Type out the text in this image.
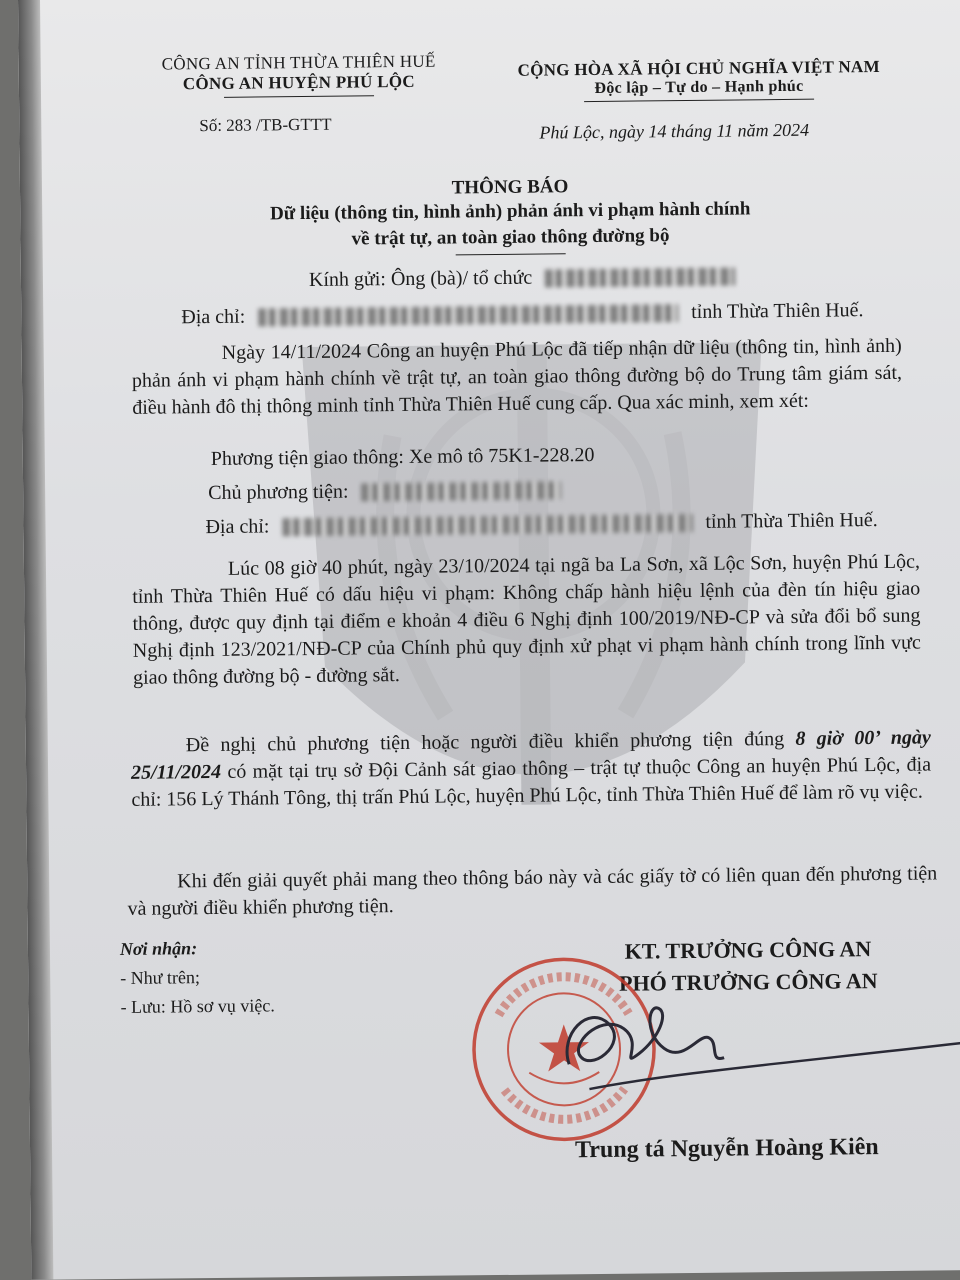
CÔNG AN TỈNH THỪA THIÊN HUẾ
CÔNG AN HUYỆN PHÚ LỘC
Số: 283 /TB-GTTT
CỘNG HÒA XÃ HỘI CHỦ NGHĨA VIỆT NAM
Độc lập – Tự do – Hạnh phúc
Phú Lộc, ngày 14 tháng 11 năm 2024
THÔNG BÁO
Dữ liệu (thông tin, hình ảnh) phản ánh vi phạm hành chính
về trật tự, an toàn giao thông đường bộ
Kính gửi: Ông (bà)/ tổ chức
Địa chỉ:	tỉnh Thừa Thiên Huế.
Ngày 14/11/2024 Công an huyện Phú Lộc đã tiếp nhận dữ liệu (thông tin, hình ảnh) phản ánh vi phạm hành chính về trật tự, an toàn giao thông đường bộ do Trung tâm giám sát, điều hành đô thị thông minh tỉnh Thừa Thiên Huế cung cấp. Qua xác minh, xem xét:
Phương tiện giao thông: Xe mô tô 75K1-228.20
Chủ phương tiện:
Địa chỉ:	tỉnh Thừa Thiên Huế.
Lúc 08 giờ 40 phút, ngày 23/10/2024 tại ngã ba La Sơn, xã Lộc Sơn, huyện Phú Lộc, tỉnh Thừa Thiên Huế có dấu hiệu vi phạm: Không chấp hành hiệu lệnh của đèn tín hiệu giao thông, được quy định tại điểm e khoản 4 điều 6 Nghị định 100/2019/NĐ-CP và sửa đổi bổ sung Nghị định 123/2021/NĐ-CP của Chính phủ quy định xử phạt vi phạm hành chính trong lĩnh vực giao thông đường bộ - đường sắt.
Đề nghị chủ phương tiện hoặc người điều khiển phương tiện đúng 8 giờ 00’ ngày 25/11/2024 có mặt tại trụ sở Đội Cảnh sát giao thông – trật tự thuộc Công an huyện Phú Lộc, địa chỉ: 156 Lý Thánh Tông, thị trấn Phú Lộc, huyện Phú Lộc, tỉnh Thừa Thiên Huế để làm rõ vụ việc.
Khi đến giải quyết phải mang theo thông báo này và các giấy tờ có liên quan đến phương tiện và người điều khiển phương tiện.
Nơi nhận:
- Như trên;
- Lưu: Hồ sơ vụ việc.
KT. TRƯỞNG CÔNG AN
PHÓ TRƯỞNG CÔNG AN
Trung tá Nguyễn Hoàng Kiên
